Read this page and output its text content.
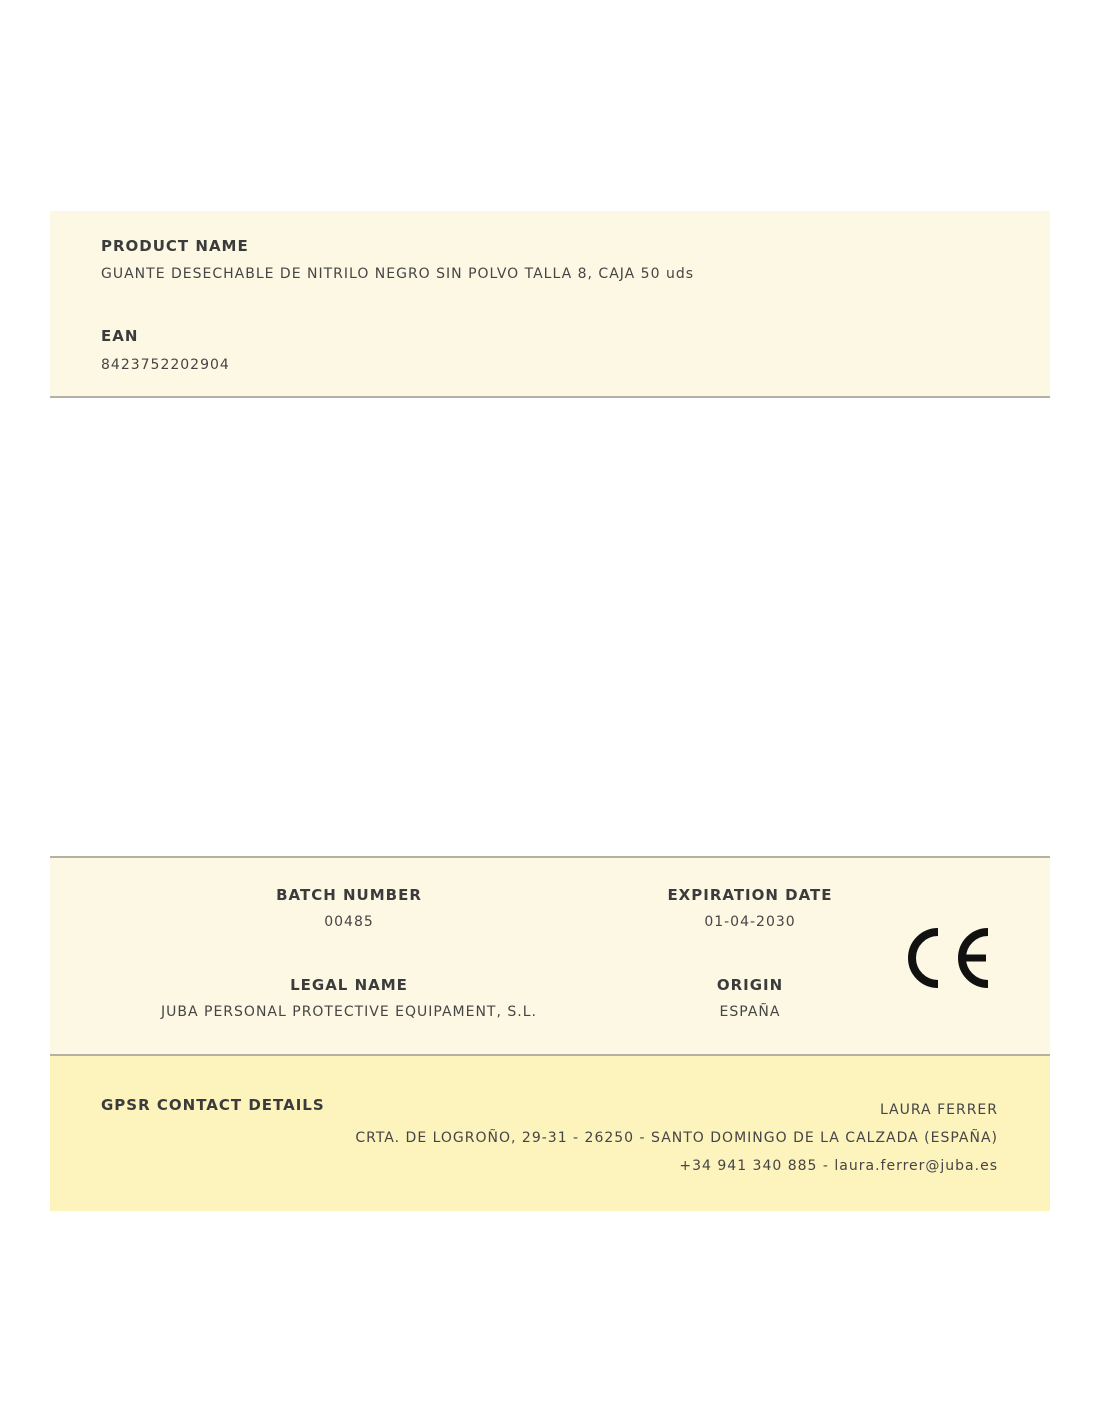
PRODUCT NAME
GUANTE DESECHABLE DE NITRILO NEGRO SIN POLVO TALLA 8, CAJA 50 uds
EAN
8423752202904
BATCH NUMBER
00485
EXPIRATION DATE
01-04-2030
LEGAL NAME
JUBA PERSONAL PROTECTIVE EQUIPAMENT, S.L.
ORIGIN
ESPAÑA
GPSR CONTACT DETAILS	LAURA FERRER
CRTA. DE LOGROÑO, 29-31 - 26250 - SANTO DOMINGO DE LA CALZADA (ESPAÑA)
+34 941 340 885 - laura.ferrer@juba.es
